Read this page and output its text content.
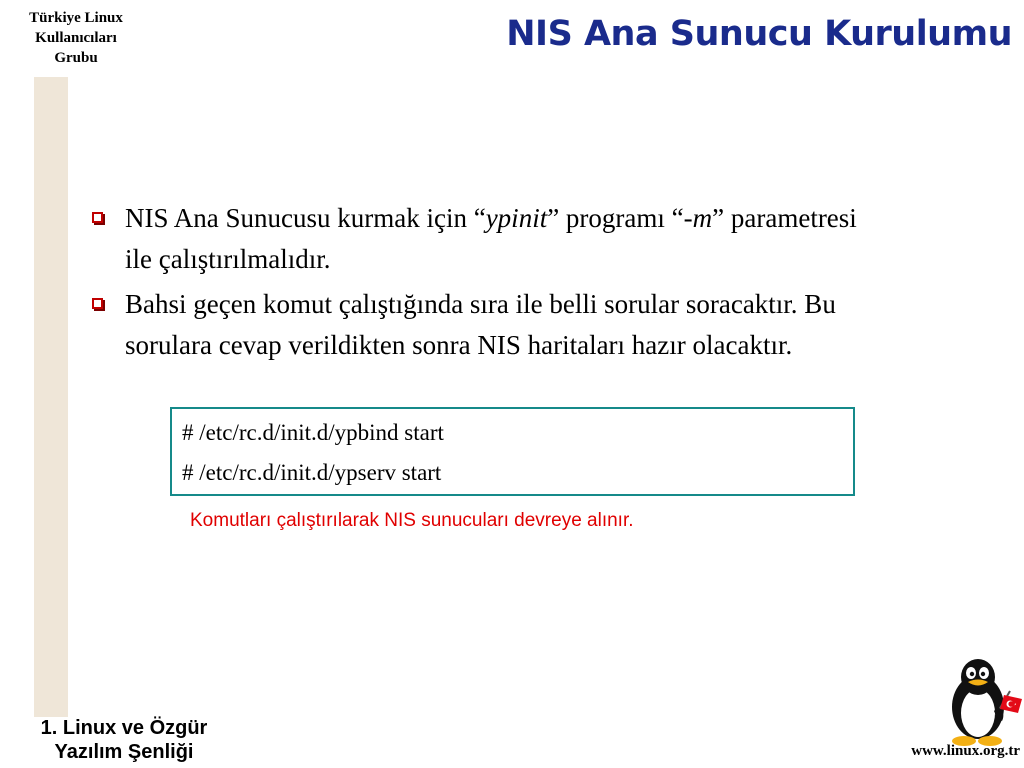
Türkiye Linux
Kullanıcıları
Grubu
NIS Ana Sunucu Kurulumu
NIS Ana Sunucusu kurmak için “ypinit” programı “-m” parametresi ile çalıştırılmalıdır.
Bahsi geçen komut çalıştığında sıra ile belli sorular soracaktır. Bu sorulara cevap verildikten sonra NIS haritaları hazır olacaktır.
# /etc/rc.d/init.d/ypbind start
# /etc/rc.d/init.d/ypserv start
Komutları çalıştırılarak NIS sunucuları devreye alınır.
1. Linux ve Özgür
Yazılım Şenliği	www.linux.org.tr
